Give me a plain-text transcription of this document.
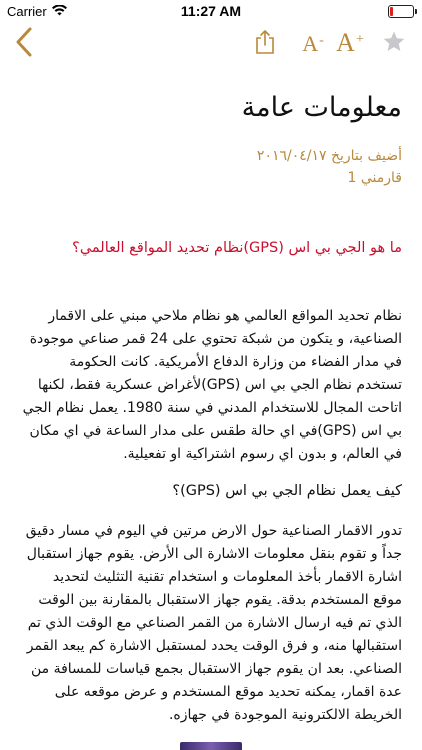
Carrier	11:27 AM
A- A+
معلومات عامة
أضيف بتاريخ ٢٠١٦/٠٤/١٧
قارمني 1
ما هو الجي بي اس (GPS)نظام تحديد المواقع العالمي؟
نظام تحديد المواقع العالمي هو نظام ملاحي مبني على الاقمار الصناعية، و يتكون من شبكة تحتوي على 24 قمر صناعي موجودة في مدار الفضاء من وزارة الدفاع الأمريكية. كانت الحكومة تستخدم نظام الجي بي اس (GPS)لأغراض عسكرية فقط، لكنها اتاحت المجال للاستخدام المدني في سنة 1980. يعمل نظام الجي بي اس (GPS)في اي حالة طقس على مدار الساعة في اي مكان في العالم، و بدون اي رسوم اشتراكية او تفعيلية.
كيف يعمل نظام الجي بي اس (GPS)؟
تدور الاقمار الصناعية حول الارض مرتين في اليوم في مسار دقيق جداً و تقوم بنقل معلومات الاشارة الى الأرض. يقوم جهاز استقبال اشارة الاقمار بأخذ المعلومات و استخدام تقنية التثليث لتحديد موقع المستخدم بدقة. يقوم جهاز الاستقبال بالمقارنة بين الوقت الذي تم فيه ارسال الاشارة من القمر الصناعي مع الوقت الذي تم استقبالها منه، و فرق الوقت يحدد لمستقبل الاشارة كم يبعد القمر الصناعي. بعد ان يقوم جهاز الاستقبال بجمع قياسات للمسافة من عدة اقمار، يمكنه تحديد موقع المستخدم و عرض موقعه على الخريطة الالكترونية الموجودة في جهازه.
